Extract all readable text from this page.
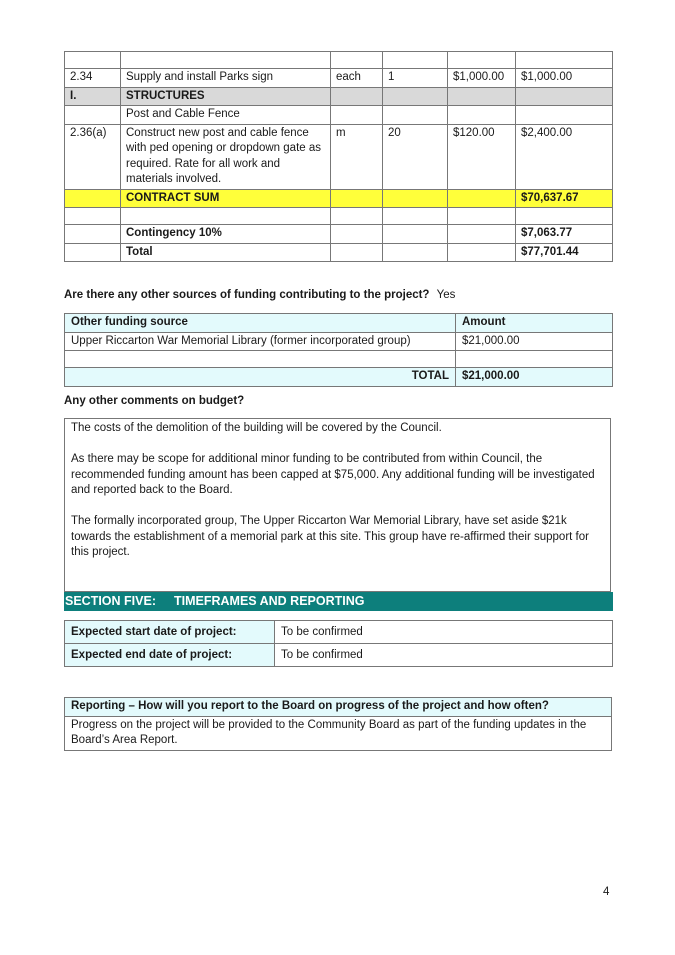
2.34	Supply and install Parks sign	each	1	$1,000.00	$1,000.00
I.	STRUCTURES				
	Post and Cable Fence				
2.36(a)	Construct new post and cable fence with ped opening or dropdown gate as required. Rate for all work and materials involved.	m	20	$120.00	$2,400.00
	CONTRACT SUM				$70,637.67

	Contingency 10%				$7,063.77
	Total				$77,701.44
Are there any other sources of funding contributing to the project? Yes
Other funding source	Amount
Upper Riccarton War Memorial Library (former incorporated group)	$21,000.00

TOTAL	$21,000.00
Any other comments on budget?

The costs of the demolition of the building will be covered by the Council.

As there may be scope for additional minor funding to be contributed from within Council, the recommended funding amount has been capped at $75,000. Any additional funding will be investigated and reported back to the Board.

The formally incorporated group, The Upper Riccarton War Memorial Library, have set aside $21k towards the establishment of a memorial park at this site. This group have re-affirmed their support for this project.

SECTION FIVE: TIMEFRAMES AND REPORTING
Expected start date of project:	To be confirmed
Expected end date of project:	To be confirmed
Reporting – How will you report to the Board on progress of the project and how often?
Progress on the project will be provided to the Community Board as part of the funding updates in the Board’s Area Report.
4
